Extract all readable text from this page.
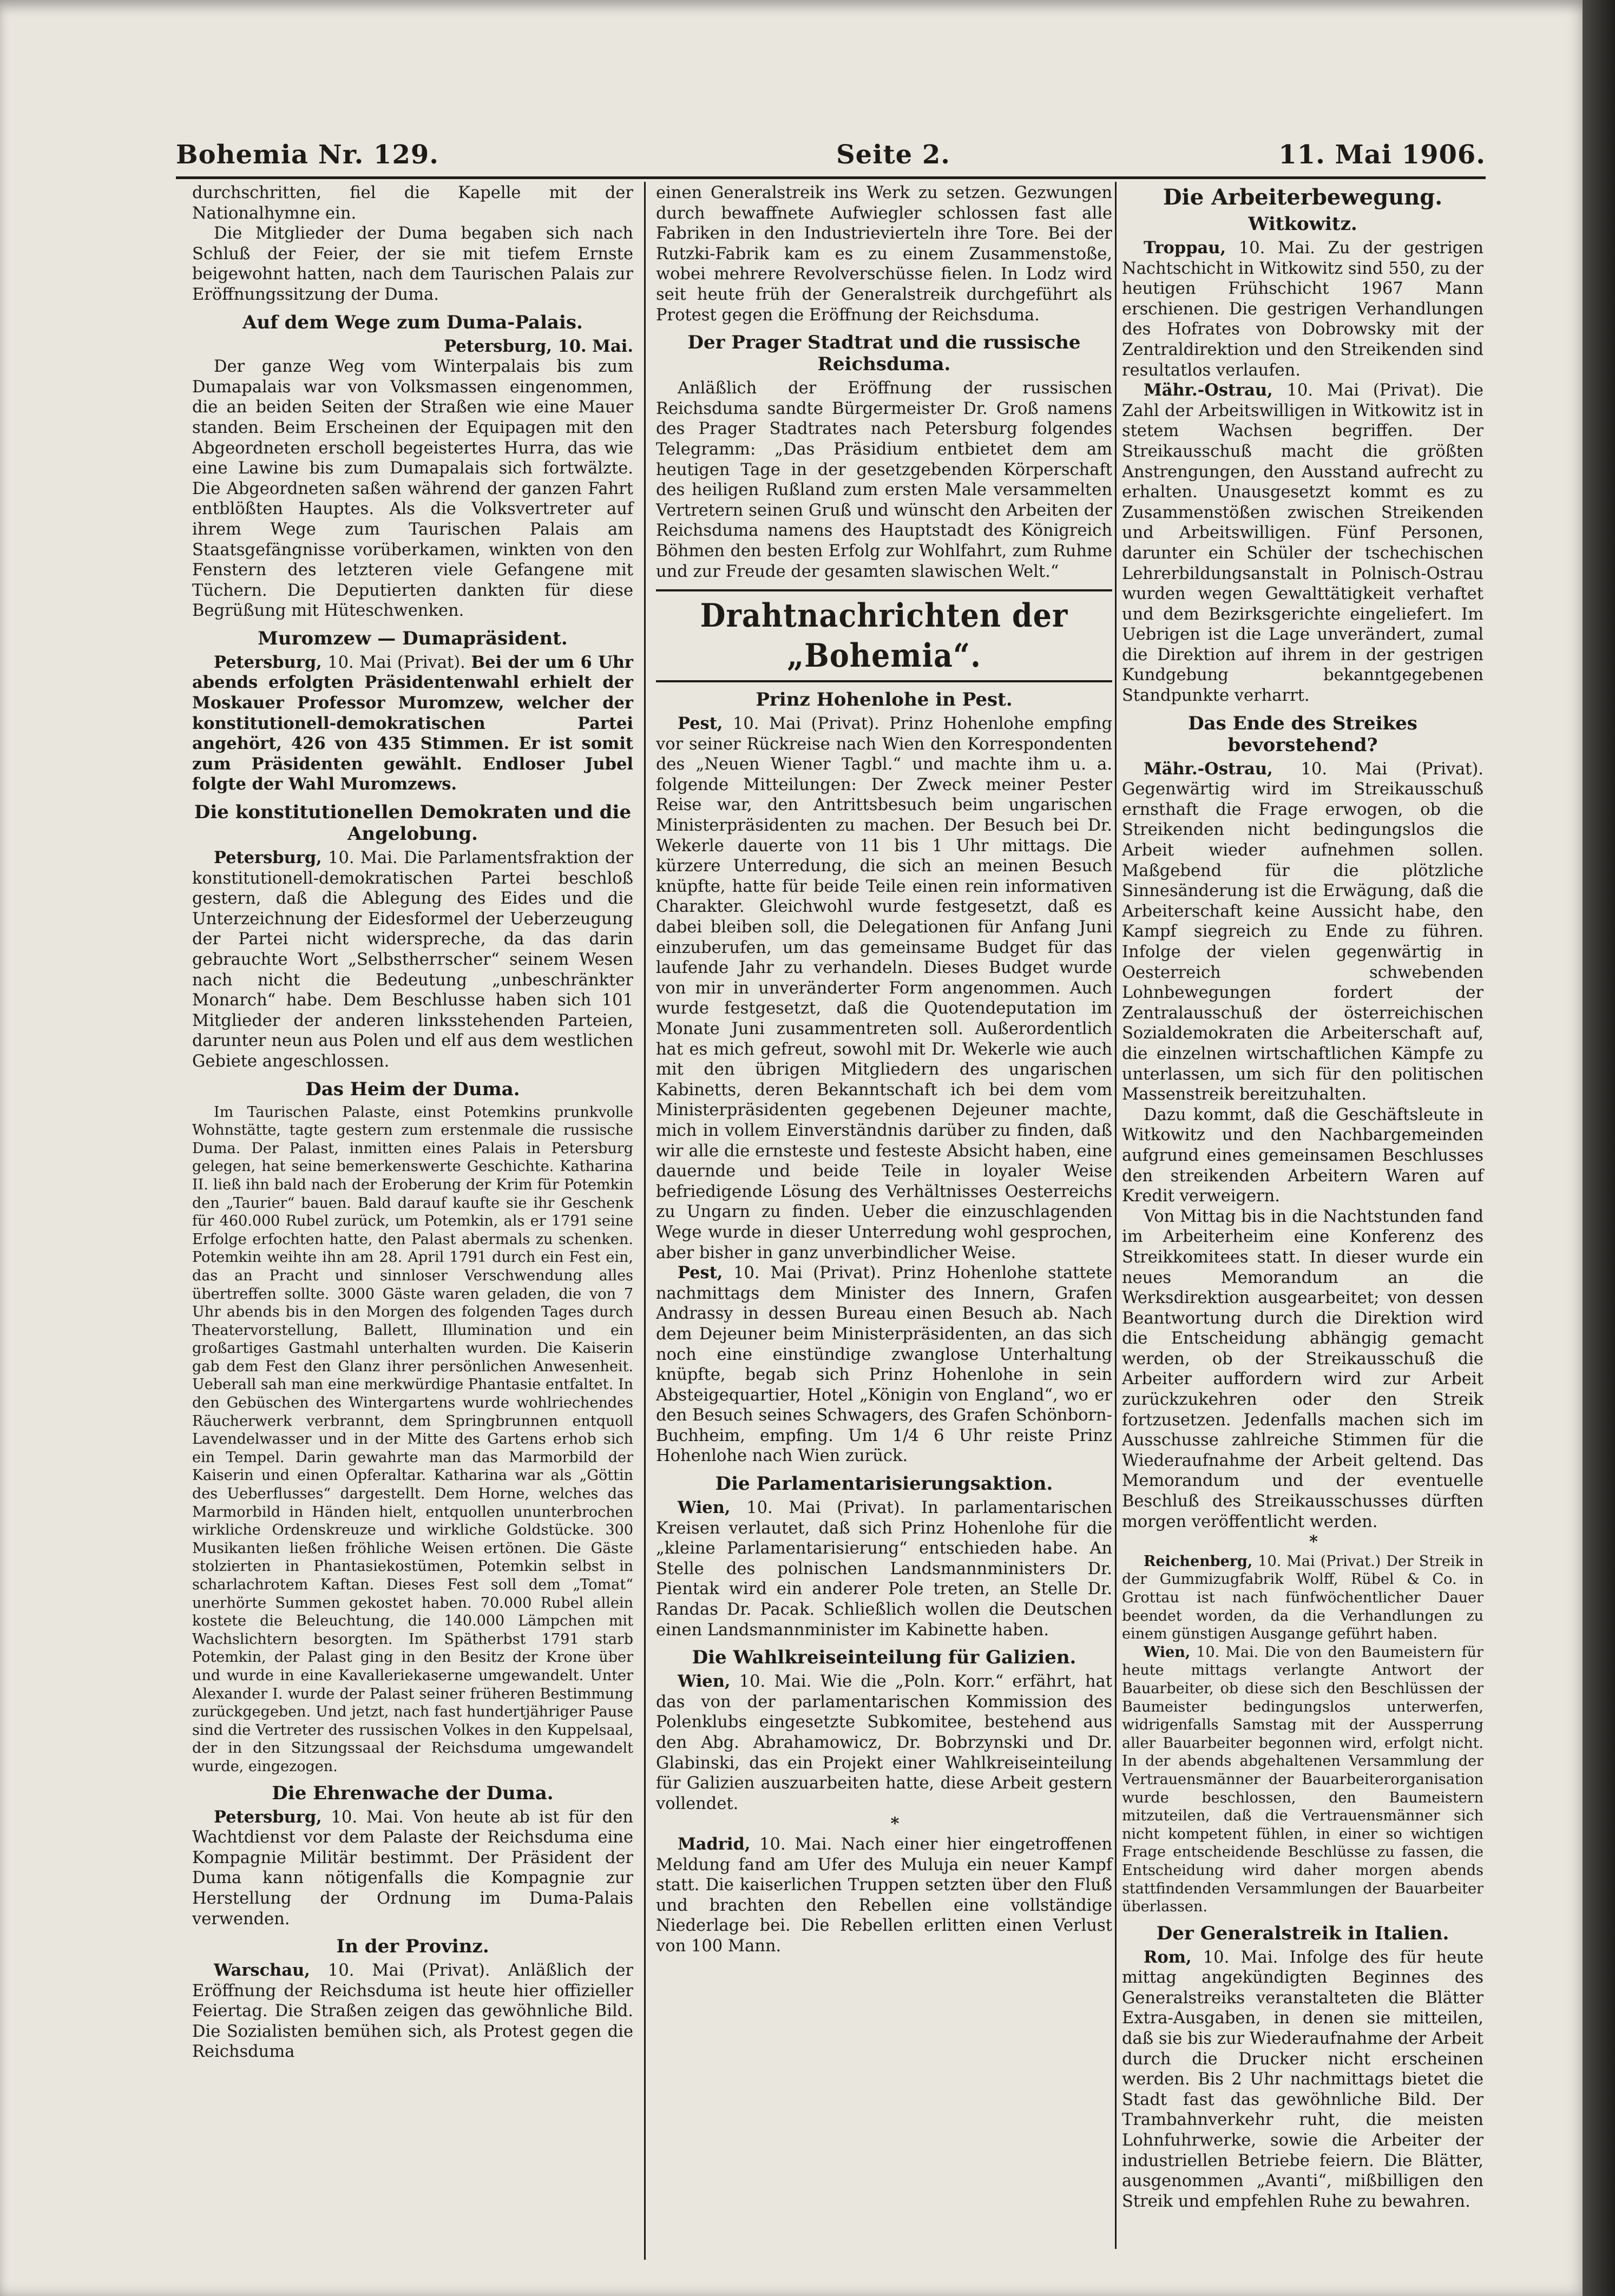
Bohemia Nr. 129.	Seite 2.	11. Mai 1906.

durchschritten, fiel die Kapelle mit der Nationalhymne ein.

Die Mitglieder der Duma begaben sich nach Schluß der Feier, der sie mit tiefem Ernste beigewohnt hatten, nach dem Taurischen Palais zur Eröffnungssitzung der Duma.

Auf dem Wege zum Duma-Palais.

Petersburg, 10. Mai.

Der ganze Weg vom Winterpalais bis zum Dumapalais war von Volksmassen eingenommen, die an beiden Seiten der Straßen wie eine Mauer standen. Beim Erscheinen der Equipagen mit den Abgeordneten erscholl begeistertes Hurra, das wie eine Lawine bis zum Dumapalais sich fortwälzte. Die Abgeordneten saßen während der ganzen Fahrt entblößten Hauptes. Als die Volksvertreter auf ihrem Wege zum Taurischen Palais am Staatsgefängnisse vorüberkamen, winkten von den Fenstern des letzteren viele Gefangene mit Tüchern. Die Deputierten dankten für diese Begrüßung mit Hüteschwenken.

Muromzew — Dumapräsident.

Petersburg, 10. Mai (Privat). Bei der um 6 Uhr abends erfolgten Präsidentenwahl erhielt der Moskauer Professor Muromzew, welcher der konstitutionell-demokratischen Partei angehört, 426 von 435 Stimmen. Er ist somit zum Präsidenten gewählt. Endloser Jubel folgte der Wahl Muromzews.

Die konstitutionellen Demokraten und die Angelobung.

Petersburg, 10. Mai. Die Parlamentsfraktion der konstitutionell-demokratischen Partei beschloß gestern, daß die Ablegung des Eides und die Unterzeichnung der Eidesformel der Ueberzeugung der Partei nicht widerspreche, da das darin gebrauchte Wort „Selbstherrscher“ seinem Wesen nach nicht die Bedeutung „unbeschränkter Monarch“ habe. Dem Beschlusse haben sich 101 Mitglieder der anderen linksstehenden Parteien, darunter neun aus Polen und elf aus dem westlichen Gebiete angeschlossen.

Das Heim der Duma.

Im Taurischen Palaste, einst Potemkins prunkvolle Wohnstätte, tagte gestern zum erstenmale die russische Duma. Der Palast, inmitten eines Palais in Petersburg gelegen, hat seine bemerkenswerte Geschichte. Katharina II. ließ ihn bald nach der Eroberung der Krim für Potemkin den „Taurier“ bauen. Bald darauf kaufte sie ihr Geschenk für 460.000 Rubel zurück, um Potemkin, als er 1791 seine Erfolge erfochten hatte, den Palast abermals zu schenken. Potemkin weihte ihn am 28. April 1791 durch ein Fest ein, das an Pracht und sinnloser Verschwendung alles übertreffen sollte. 3000 Gäste waren geladen, die von 7 Uhr abends bis in den Morgen des folgenden Tages durch Theatervorstellung, Ballett, Illumination und ein großartiges Gastmahl unterhalten wurden. Die Kaiserin gab dem Fest den Glanz ihrer persönlichen Anwesenheit. Ueberall sah man eine merkwürdige Phantasie entfaltet. In den Gebüschen des Wintergartens wurde wohlriechendes Räucherwerk verbrannt, dem Springbrunnen entquoll Lavendelwasser und in der Mitte des Gartens erhob sich ein Tempel. Darin gewahrte man das Marmorbild der Kaiserin und einen Opferaltar. Katharina war als „Göttin des Ueberflusses“ dargestellt. Dem Horne, welches das Marmorbild in Händen hielt, entquollen ununterbrochen wirkliche Ordenskreuze und wirkliche Goldstücke. 300 Musikanten ließen fröhliche Weisen ertönen. Die Gäste stolzierten in Phantasiekostümen, Potemkin selbst in scharlachrotem Kaftan. Dieses Fest soll dem „Tomat“ unerhörte Summen gekostet haben. 70.000 Rubel allein kostete die Beleuchtung, die 140.000 Lämpchen mit Wachslichtern besorgten. Im Spätherbst 1791 starb Potemkin, der Palast ging in den Besitz der Krone über und wurde in eine Kavalleriekaserne umgewandelt. Unter Alexander I. wurde der Palast seiner früheren Bestimmung zurückgegeben. Und jetzt, nach fast hundertjähriger Pause sind die Vertreter des russischen Volkes in den Kuppelsaal, der in den Sitzungssaal der Reichsduma umgewandelt wurde, eingezogen.

Die Ehrenwache der Duma.

Petersburg, 10. Mai. Von heute ab ist für den Wachtdienst vor dem Palaste der Reichsduma eine Kompagnie Militär bestimmt. Der Präsident der Duma kann nötigenfalls die Kompagnie zur Herstellung der Ordnung im Duma-Palais verwenden.

In der Provinz.

Warschau, 10. Mai (Privat). Anläßlich der Eröffnung der Reichsduma ist heute hier offizieller Feiertag. Die Straßen zeigen das gewöhnliche Bild. Die Sozialisten bemühen sich, als Protest gegen die Reichsduma

einen Generalstreik ins Werk zu setzen. Gezwungen durch bewaffnete Aufwiegler schlossen fast alle Fabriken in den Industrievierteln ihre Tore. Bei der Rutzki-Fabrik kam es zu einem Zusammenstoße, wobei mehrere Revolverschüsse fielen. In Lodz wird seit heute früh der Generalstreik durchgeführt als Protest gegen die Eröffnung der Reichsduma.

Der Prager Stadtrat und die russische Reichsduma.

Anläßlich der Eröffnung der russischen Reichsduma sandte Bürgermeister Dr. Groß namens des Prager Stadtrates nach Petersburg folgendes Telegramm: „Das Präsidium entbietet dem am heutigen Tage in der gesetzgebenden Körperschaft des heiligen Rußland zum ersten Male versammelten Vertretern seinen Gruß und wünscht den Arbeiten der Reichsduma namens des Hauptstadt des Königreich Böhmen den besten Erfolg zur Wohlfahrt, zum Ruhme und zur Freude der gesamten slawischen Welt.“

Drahtnachrichten der „Bohemia“.
Prinz Hohenlohe in Pest.

Pest, 10. Mai (Privat). Prinz Hohenlohe empfing vor seiner Rückreise nach Wien den Korrespondenten des „Neuen Wiener Tagbl.“ und machte ihm u. a. folgende Mitteilungen: Der Zweck meiner Pester Reise war, den Antrittsbesuch beim ungarischen Ministerpräsidenten zu machen. Der Besuch bei Dr. Wekerle dauerte von 11 bis 1 Uhr mittags. Die kürzere Unterredung, die sich an meinen Besuch knüpfte, hatte für beide Teile einen rein informativen Charakter. Gleichwohl wurde festgesetzt, daß es dabei bleiben soll, die Delegationen für Anfang Juni einzuberufen, um das gemeinsame Budget für das laufende Jahr zu verhandeln. Dieses Budget wurde von mir in unveränderter Form angenommen. Auch wurde festgesetzt, daß die Quotendeputation im Monate Juni zusammentreten soll. Außerordentlich hat es mich gefreut, sowohl mit Dr. Wekerle wie auch mit den übrigen Mitgliedern des ungarischen Kabinetts, deren Bekanntschaft ich bei dem vom Ministerpräsidenten gegebenen Dejeuner machte, mich in vollem Einverständnis darüber zu finden, daß wir alle die ernsteste und festeste Absicht haben, eine dauernde und beide Teile in loyaler Weise befriedigende Lösung des Verhältnisses Oesterreichs zu Ungarn zu finden. Ueber die einzuschlagenden Wege wurde in dieser Unterredung wohl gesprochen, aber bisher in ganz unverbindlicher Weise.

Pest, 10. Mai (Privat). Prinz Hohenlohe stattete nachmittags dem Minister des Innern, Grafen Andrassy in dessen Bureau einen Besuch ab. Nach dem Dejeuner beim Ministerpräsidenten, an das sich noch eine einstündige zwanglose Unterhaltung knüpfte, begab sich Prinz Hohenlohe in sein Absteigequartier, Hotel „Königin von England“, wo er den Besuch seines Schwagers, des Grafen Schönborn-Buchheim, empfing. Um 1/4 6 Uhr reiste Prinz Hohenlohe nach Wien zurück.

Die Parlamentarisierungsaktion.

Wien, 10. Mai (Privat). In parlamentarischen Kreisen verlautet, daß sich Prinz Hohenlohe für die „kleine Parlamentarisierung“ entschieden habe. An Stelle des polnischen Landsmannministers Dr. Pientak wird ein anderer Pole treten, an Stelle Dr. Randas Dr. Pacak. Schließlich wollen die Deutschen einen Landsmannminister im Kabinette haben.

Die Wahlkreiseinteilung für Galizien.

Wien, 10. Mai. Wie die „Poln. Korr.“ erfährt, hat das von der parlamentarischen Kommission des Polenklubs eingesetzte Subkomitee, bestehend aus den Abg. Abrahamowicz, Dr. Bobrzynski und Dr. Glabinski, das ein Projekt einer Wahlkreiseinteilung für Galizien auszuarbeiten hatte, diese Arbeit gestern vollendet.

*

Madrid, 10. Mai. Nach einer hier eingetroffenen Meldung fand am Ufer des Muluja ein neuer Kampf statt. Die kaiserlichen Truppen setzten über den Fluß und brachten den Rebellen eine vollständige Niederlage bei. Die Rebellen erlitten einen Verlust von 100 Mann.

Die Arbeiterbewegung.
Witkowitz.

Troppau, 10. Mai. Zu der gestrigen Nachtschicht in Witkowitz sind 550, zu der heutigen Frühschicht 1967 Mann erschienen. Die gestrigen Verhandlungen des Hofrates von Dobrowsky mit der Zentraldirektion und den Streikenden sind resultatlos verlaufen.

Mähr.-Ostrau, 10. Mai (Privat). Die Zahl der Arbeitswilligen in Witkowitz ist in stetem Wachsen begriffen. Der Streikausschuß macht die größten Anstrengungen, den Ausstand aufrecht zu erhalten. Unausgesetzt kommt es zu Zusammenstößen zwischen Streikenden und Arbeitswilligen. Fünf Personen, darunter ein Schüler der tschechischen Lehrerbildungsanstalt in Polnisch-Ostrau wurden wegen Gewalttätigkeit verhaftet und dem Bezirksgerichte eingeliefert. Im Uebrigen ist die Lage unverändert, zumal die Direktion auf ihrem in der gestrigen Kundgebung bekanntgegebenen Standpunkte verharrt.

Das Ende des Streikes bevorstehend?

Mähr.-Ostrau, 10. Mai (Privat). Gegenwärtig wird im Streikausschuß ernsthaft die Frage erwogen, ob die Streikenden nicht bedingungslos die Arbeit wieder aufnehmen sollen. Maßgebend für die plötzliche Sinnesänderung ist die Erwägung, daß die Arbeiterschaft keine Aussicht habe, den Kampf siegreich zu Ende zu führen. Infolge der vielen gegenwärtig in Oesterreich schwebenden Lohnbewegungen fordert der Zentralausschuß der österreichischen Sozialdemokraten die Arbeiterschaft auf, die einzelnen wirtschaftlichen Kämpfe zu unterlassen, um sich für den politischen Massenstreik bereitzuhalten.

Dazu kommt, daß die Geschäftsleute in Witkowitz und den Nachbargemeinden aufgrund eines gemeinsamen Beschlusses den streikenden Arbeitern Waren auf Kredit verweigern.

Von Mittag bis in die Nachtstunden fand im Arbeiterheim eine Konferenz des Streikkomitees statt. In dieser wurde ein neues Memorandum an die Werksdirektion ausgearbeitet; von dessen Beantwortung durch die Direktion wird die Entscheidung abhängig gemacht werden, ob der Streikausschuß die Arbeiter auffordern wird zur Arbeit zurückzukehren oder den Streik fortzusetzen. Jedenfalls machen sich im Ausschusse zahlreiche Stimmen für die Wiederaufnahme der Arbeit geltend. Das Memorandum und der eventuelle Beschluß des Streikausschusses dürften morgen veröffentlicht werden.

*

Reichenberg, 10. Mai (Privat.) Der Streik in der Gummizugfabrik Wolff, Rübel & Co. in Grottau ist nach fünfwöchentlicher Dauer beendet worden, da die Verhandlungen zu einem günstigen Ausgange geführt haben.

Wien, 10. Mai. Die von den Baumeistern für heute mittags verlangte Antwort der Bauarbeiter, ob diese sich den Beschlüssen der Baumeister bedingungslos unterwerfen, widrigenfalls Samstag mit der Aussperrung aller Bauarbeiter begonnen wird, erfolgt nicht. In der abends abgehaltenen Versammlung der Vertrauensmänner der Bauarbeiterorganisation wurde beschlossen, den Baumeistern mitzuteilen, daß die Vertrauensmänner sich nicht kompetent fühlen, in einer so wichtigen Frage entscheidende Beschlüsse zu fassen, die Entscheidung wird daher morgen abends stattfindenden Versammlungen der Bauarbeiter überlassen.

Der Generalstreik in Italien.

Rom, 10. Mai. Infolge des für heute mittag angekündigten Beginnes des Generalstreiks veranstalteten die Blätter Extra-Ausgaben, in denen sie mitteilen, daß sie bis zur Wiederaufnahme der Arbeit durch die Drucker nicht erscheinen werden. Bis 2 Uhr nachmittags bietet die Stadt fast das gewöhnliche Bild. Der Trambahnverkehr ruht, die meisten Lohnfuhrwerke, sowie die Arbeiter der industriellen Betriebe feiern. Die Blätter, ausgenommen „Avanti“, mißbilligen den Streik und empfehlen Ruhe zu bewahren.
